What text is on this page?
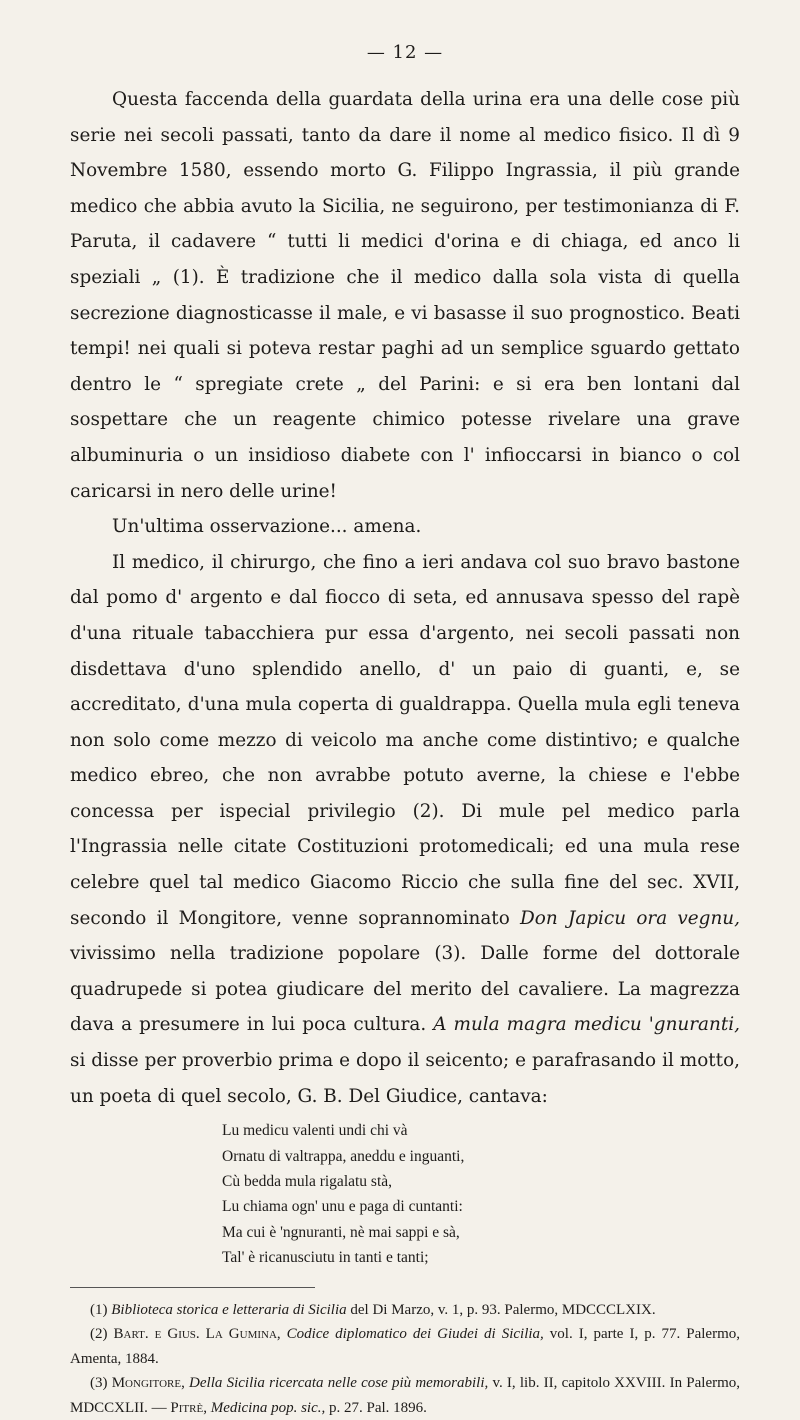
— 12 —

Questa faccenda della guardata della urina era una delle cose più serie nei secoli passati, tanto da dare il nome al medico fisico. Il dì 9 Novembre 1580, essendo morto G. Filippo Ingrassia, il più grande medico che abbia avuto la Sicilia, ne seguirono, per testimonianza di F. Paruta, il cadavere “ tutti li medici d'orina e di chiaga, ed anco li speziali „ (1). È tradizione che il medico dalla sola vista di quella secrezione diagnosticasse il male, e vi basasse il suo prognostico. Beati tempi! nei quali si poteva restar paghi ad un semplice sguardo gettato dentro le “ spregiate crete „ del Parini: e si era ben lontani dal sospettare che un reagente chimico potesse rivelare una grave albuminuria o un insidioso diabete con l' infioccarsi in bianco o col caricarsi in nero delle urine!

Un'ultima osservazione... amena.

Il medico, il chirurgo, che fino a ieri andava col suo bravo bastone dal pomo d' argento e dal fiocco di seta, ed annusava spesso del rapè d'una rituale tabacchiera pur essa d'argento, nei secoli passati non disdettava d'uno splendido anello, d' un paio di guanti, e, se accreditato, d'una mula coperta di gualdrappa. Quella mula egli teneva non solo come mezzo di veicolo ma anche come distintivo; e qualche medico ebreo, che non avrabbe potuto averne, la chiese e l'ebbe concessa per ispecial privilegio (2). Di mule pel medico parla l'Ingrassia nelle citate Costituzioni protomedicali; ed una mula rese celebre quel tal medico Giacomo Riccio che sulla fine del sec. XVII, secondo il Mongitore, venne soprannominato Don Japicu ora vegnu, vivissimo nella tradizione popolare (3). Dalle forme del dottorale quadrupede si potea giudicare del merito del cavaliere. La magrezza dava a presumere in lui poca cultura. A mula magra medicu 'gnuranti, si disse per proverbio prima e dopo il seicento; e parafrasando il motto, un poeta di quel secolo, G. B. Del Giudice, cantava:

Lu medicu valenti undi chi và
Ornatu di valtrappa, aneddu e inguanti,
Cù bedda mula rigalatu stà,
Lu chiama ogn' unu e paga di cuntanti:
Ma cui è 'ngnuranti, nè mai sappi e sà,
Tal' è ricanusciutu in tanti e tanti;

(1) Biblioteca storica e letteraria di Sicilia del Di Marzo, v. 1, p. 93. Palermo, MDCCCLXIX.

(2) Bart. e Gius. La Gumina, Codice diplomatico dei Giudei di Sicilia, vol. I, parte I, p. 77. Palermo, Amenta, 1884.

(3) Mongitore, Della Sicilia ricercata nelle cose più memorabili, v. I, lib. II, capitolo XXVIII. In Palermo, MDCCXLII. — Pitrè, Medicina pop. sic., p. 27. Pal. 1896.
